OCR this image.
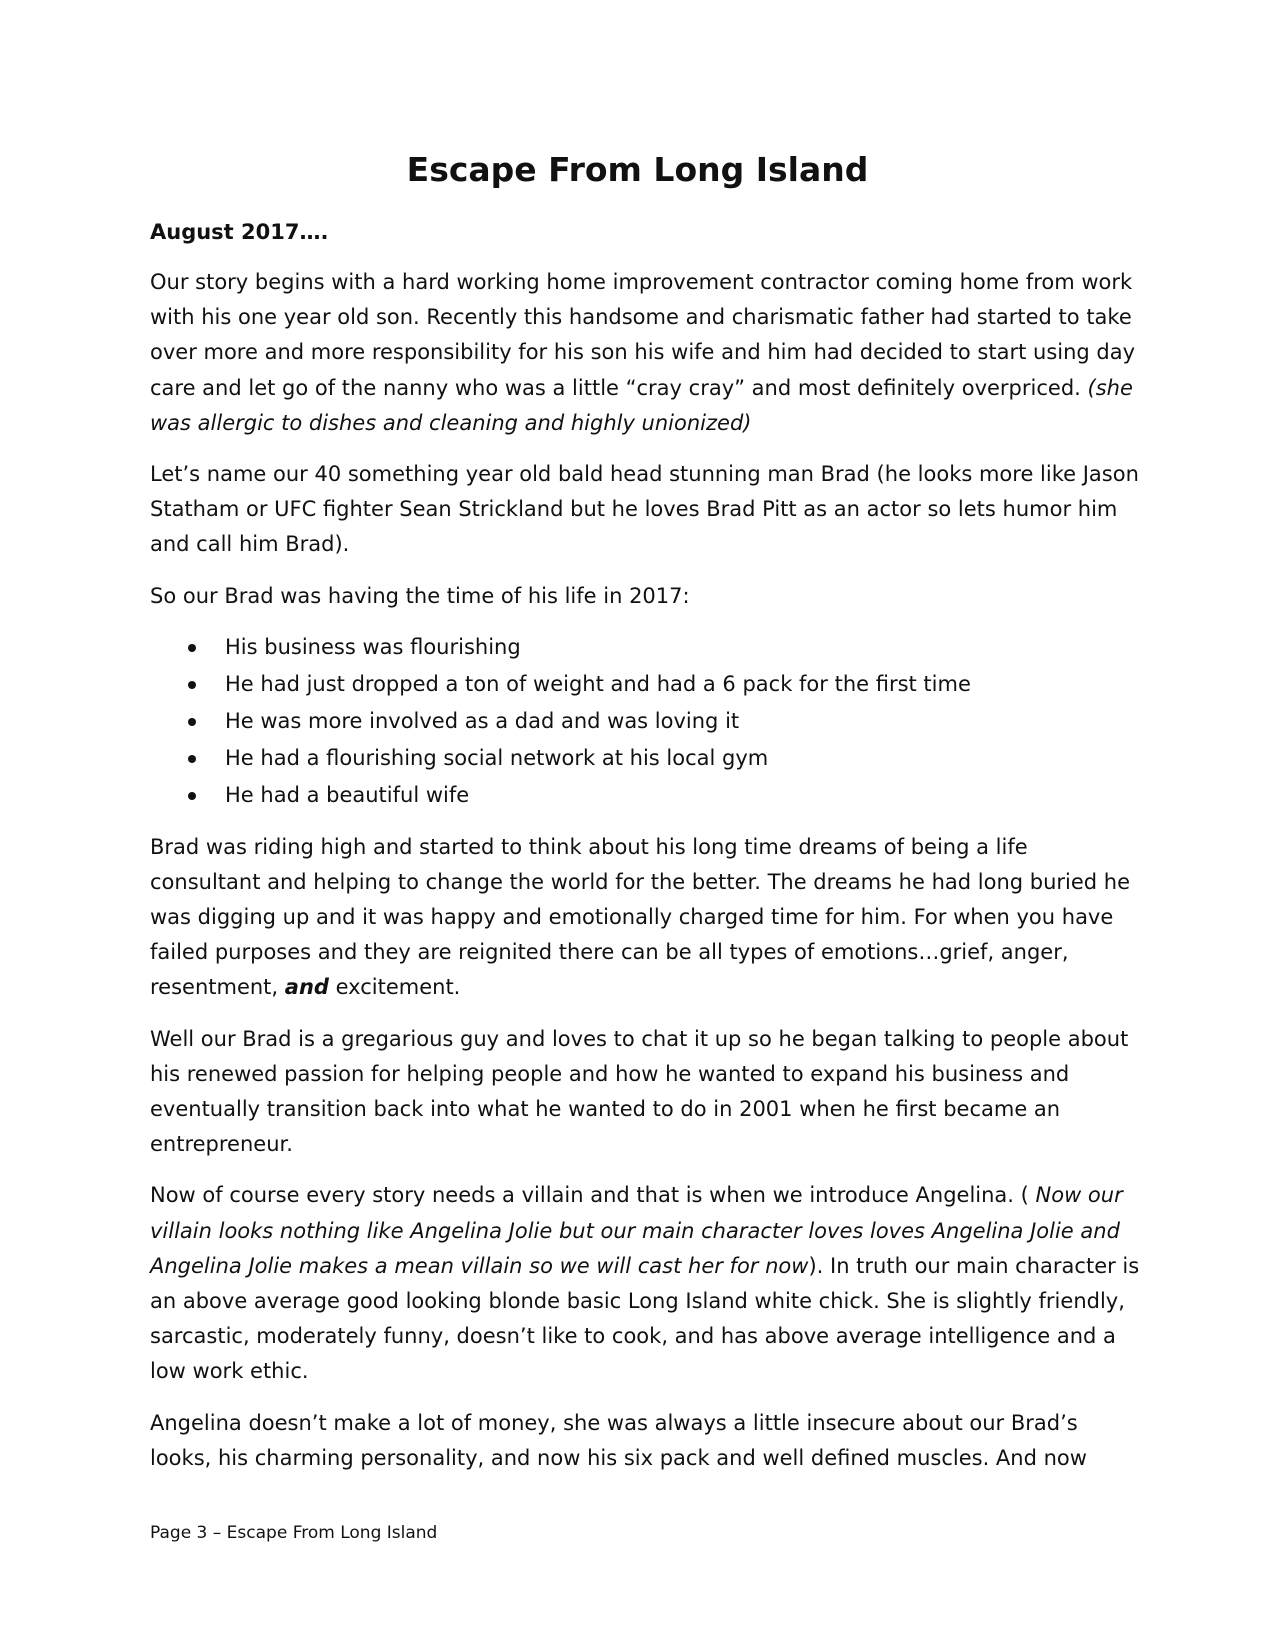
Escape From Long Island

August 2017….

Our story begins with a hard working home improvement contractor coming home from work with his one year old son. Recently this handsome and charismatic father had started to take over more and more responsibility for his son his wife and him had decided to start using day care and let go of the nanny who was a little “cray cray” and most definitely overpriced. (she was allergic to dishes and cleaning and highly unionized)

Let’s name our 40 something year old bald head stunning man Brad (he looks more like Jason Statham or UFC fighter Sean Strickland but he loves Brad Pitt as an actor so lets humor him and call him Brad).

So our Brad was having the time of his life in 2017:

His business was flourishing
He had just dropped a ton of weight and had a 6 pack for the first time
He was more involved as a dad and was loving it
He had a flourishing social network at his local gym
He had a beautiful wife

Brad was riding high and started to think about his long time dreams of being a life consultant and helping to change the world for the better. The dreams he had long buried he was digging up and it was happy and emotionally charged time for him. For when you have failed purposes and they are reignited there can be all types of emotions…grief, anger, resentment, and excitement.

Well our Brad is a gregarious guy and loves to chat it up so he began talking to people about his renewed passion for helping people and how he wanted to expand his business and eventually transition back into what he wanted to do in 2001 when he first became an entrepreneur.

Now of course every story needs a villain and that is when we introduce Angelina. ( Now our villain looks nothing like Angelina Jolie but our main character loves loves Angelina Jolie and Angelina Jolie makes a mean villain so we will cast her for now). In truth our main character is an above average good looking blonde basic Long Island white chick. She is slightly friendly, sarcastic, moderately funny, doesn’t like to cook, and has above average intelligence and a low work ethic.

Angelina doesn’t make a lot of money, she was always a little insecure about our Brad’s looks, his charming personality, and now his six pack and well defined muscles. And now

Page 3 – Escape From Long Island
